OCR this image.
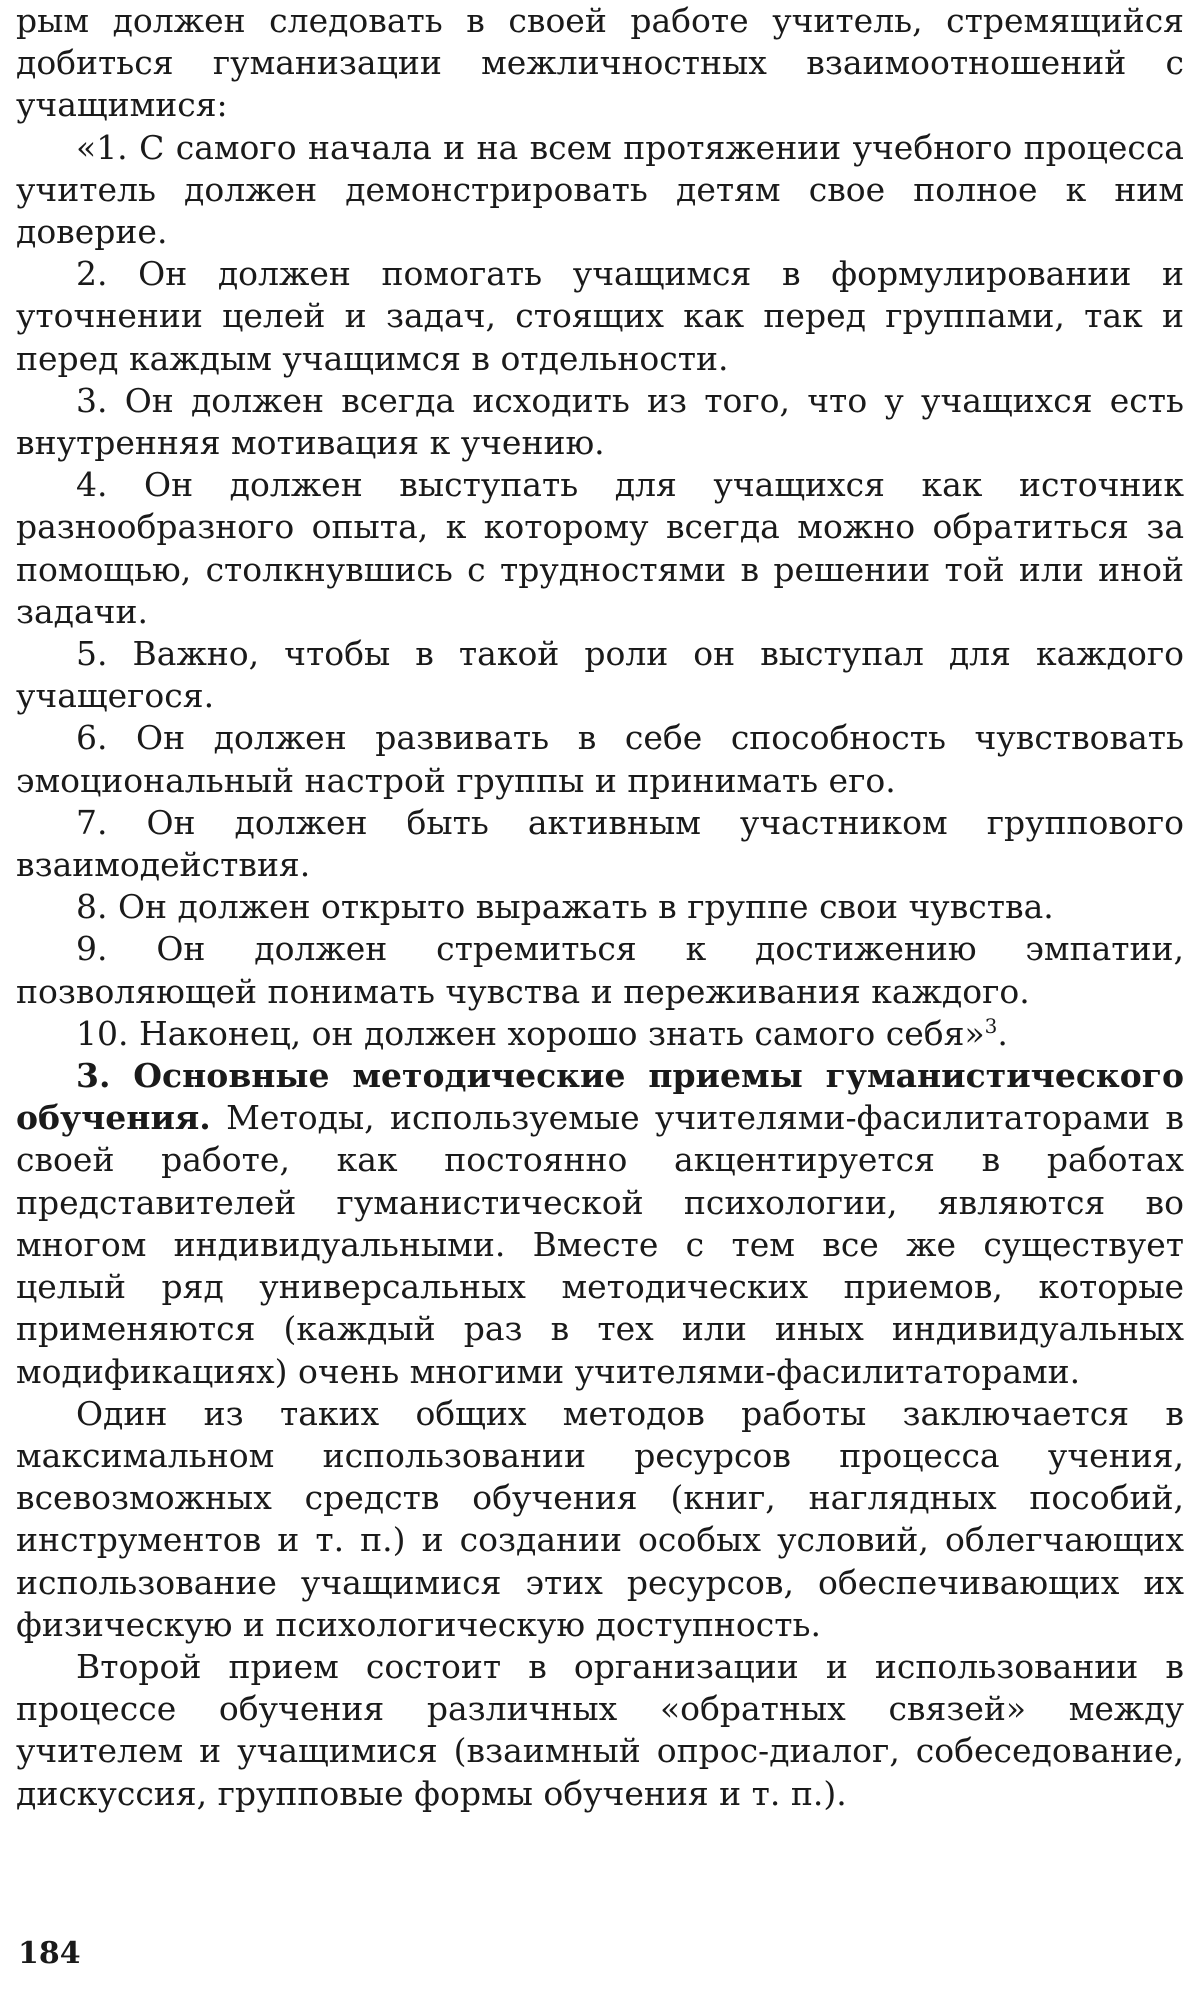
рым должен следовать в своей работе учитель, стремящийся добиться гуманизации межличностных взаимоотношений с учащимися:

«1. С самого начала и на всем протяжении учебного процесса учитель должен демонстрировать детям свое полное к ним доверие.

2. Он должен помогать учащимся в формулировании и уточнении целей и задач, стоящих как перед группами, так и перед каждым учащимся в отдельности.

3. Он должен всегда исходить из того, что у учащихся есть внутренняя мотивация к учению.

4. Он должен выступать для учащихся как источник разнообразного опыта, к которому всегда можно обратиться за помощью, столкнувшись с трудностями в решении той или иной задачи.

5. Важно, чтобы в такой роли он выступал для каждого учащегося.

6. Он должен развивать в себе способность чувствовать эмоциональный настрой группы и принимать его.

7. Он должен быть активным участником группового взаимодействия.

8. Он должен открыто выражать в группе свои чувства.

9. Он должен стремиться к достижению эмпатии, позволяющей понимать чувства и переживания каждого.

10. Наконец, он должен хорошо знать самого себя»$^3$.

3. Основные методические приемы гуманистического обучения. Методы, используемые учителями-фасилитаторами в своей работе, как постоянно акцентируется в работах представителей гуманистической психологии, являются во многом индивидуальными. Вместе с тем все же существует целый ряд универсальных методических приемов, которые применяются (каждый раз в тех или иных индивидуальных модификациях) очень многими учителями-фасилитаторами.

Один из таких общих методов работы заключается в максимальном использовании ресурсов процесса учения, всевозможных средств обучения (книг, наглядных пособий, инструментов и т. п.) и создании особых условий, облегчающих использование учащимися этих ресурсов, обеспечивающих их физическую и психологическую доступность.

Второй прием состоит в организации и использовании в процессе обучения различных «обратных связей» между учителем и учащимися (взаимный опрос-диалог, собеседование, дискуссия, групповые формы обучения и т. п.).

184
